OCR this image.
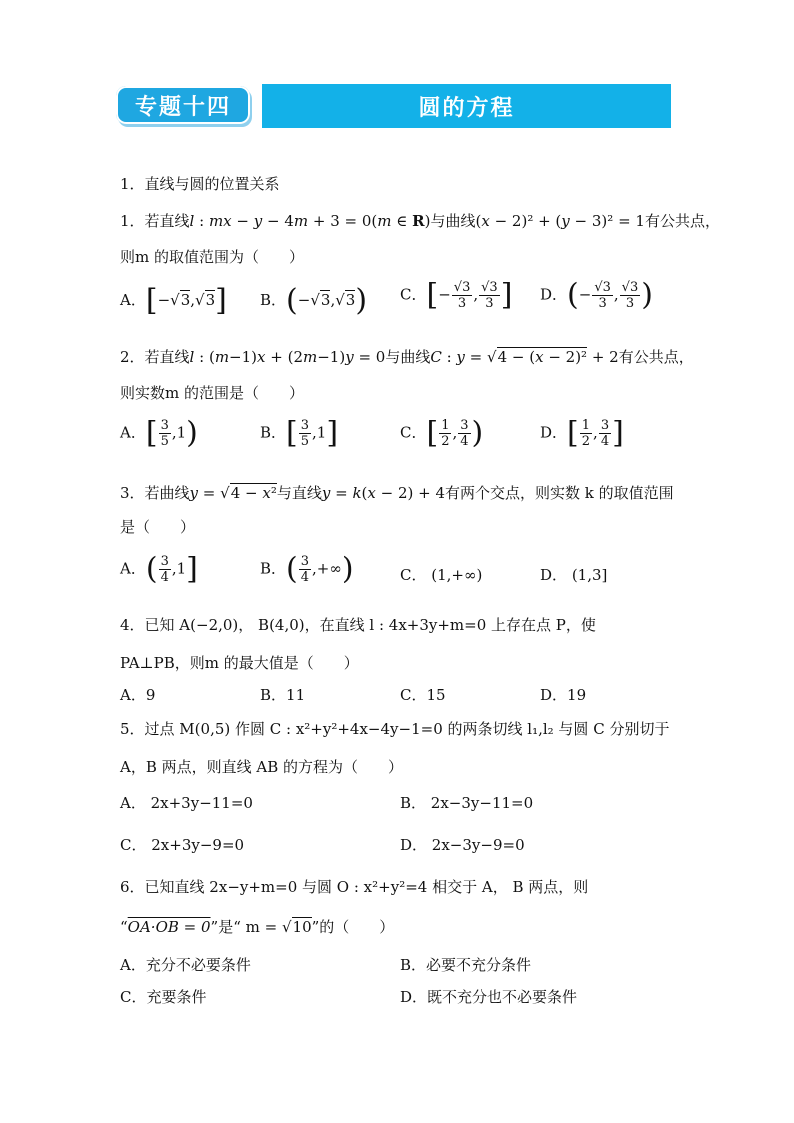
专题十四	圆的方程
1．直线与圆的位置关系
1．若直线l : mx − y − 4m + 3 = 0(m ∈ R)与曲线(x − 2)² + (y − 3)² = 1有公共点，
则m 的取值范围为（　　）
A．[−√3,√3] B．(−√3,√3) C．[− $\frac{√3}{3}$ , $\frac{√3}{3}$ ] D．(− $\frac{√3}{3}$ , $\frac{√3}{3}$ )
2．若直线l : (m−1)x + (2m−1)y = 0与曲线C : y = √4 − (x − 2)² + 2有公共点，
则实数m 的范围是（　　）
A．[ $\frac{3}{5} ,1$)	B．[ $\frac{3}{5} ,1$]	C．[ $\frac{1}{2}$ , $\frac{3}{4}$ )	D．[ $\frac{1}{2}$ , $\frac{3}{4}$ ]
3．若曲线y = √4 − x²与直线y = k(x − 2) + 4有两个交点，则实数 k 的取值范围
是（　　）
A．( $\frac{3}{4} ,1$]	B．( $\frac{3}{4}$ ,+∞)	C． (1,+∞)	D． (1,3]
4．已知 A(−2,0)， B(4,0)，在直线 l : 4x+3y+m=0 上存在点 P，使
PA⊥PB，则m 的最大值是（　　）
A．9	B．11	C．15	D．19
5．过点 M(0,5) 作圆 C : x²+y²+4x−4y−1=0 的两条切线 l₁,l₂ 与圆 C 分别切于
A，B 两点，则直线 AB 的方程为（　　）
A． 2x+3y−11=0	B． 2x−3y−11=0
C． 2x+3y−9=0	D． 2x−3y−9=0
6．已知直线 2x−y+m=0 与圆 O : x²+y²=4 相交于 A， B 两点，则
“OA·OB = 0”是“ m = √10”的（　　）
A．充分不必要条件	B．必要不充分条件
C．充要条件	D．既不充分也不必要条件
